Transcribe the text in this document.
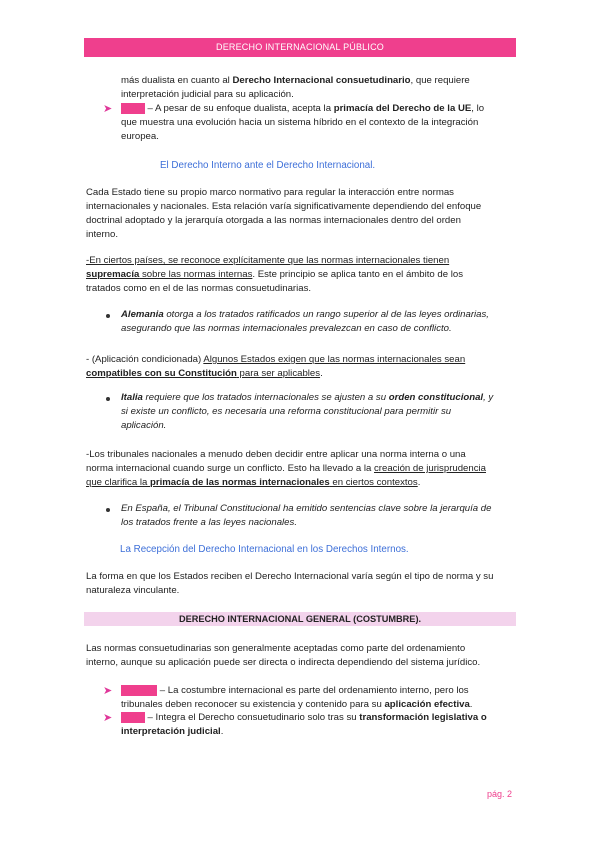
DERECHO INTERNACIONAL PÚBLICO

más dualista en cuanto al Derecho Internacional consuetudinario, que requiere

interpretación judicial para su aplicación.

➤ Italia – A pesar de su enfoque dualista, acepta la primacía del Derecho de la UE, lo

que muestra una evolución hacia un sistema híbrido en el contexto de la integración

europea.

El Derecho Interno ante el Derecho Internacional.

Cada Estado tiene su propio marco normativo para regular la interacción entre normas

internacionales y nacionales. Esta relación varía significativamente dependiendo del enfoque

doctrinal adoptado y la jerarquía otorgada a las normas internacionales dentro del orden

interno.

-En ciertos países, se reconoce explícitamente que las normas internacionales tienen

supremacía sobre las normas internas. Este principio se aplica tanto en el ámbito de los

tratados como en el de las normas consuetudinarias.

Alemania otorga a los tratados ratificados un rango superior al de las leyes ordinarias,

asegurando que las normas internacionales prevalezcan en caso de conflicto.

- (Aplicación condicionada) Algunos Estados exigen que las normas internacionales sean

compatibles con su Constitución para ser aplicables.

Italia requiere que los tratados internacionales se ajusten a su orden constitucional, y

si existe un conflicto, es necesaria una reforma constitucional para permitir su

aplicación.

-Los tribunales nacionales a menudo deben decidir entre aplicar una norma interna o una

norma internacional cuando surge un conflicto. Esto ha llevado a la creación de jurisprudencia

que clarifica la primacía de las normas internacionales en ciertos contextos.

En España, el Tribunal Constitucional ha emitido sentencias clave sobre la jerarquía de

los tratados frente a las leyes nacionales.

La Recepción del Derecho Internacional en los Derechos Internos.

La forma en que los Estados reciben el Derecho Internacional varía según el tipo de norma y su

naturaleza vinculante.

DERECHO INTERNACIONAL GENERAL (COSTUMBRE).

Las normas consuetudinarias son generalmente aceptadas como parte del ordenamiento

interno, aunque su aplicación puede ser directa o indirecta dependiendo del sistema jurídico.

➤ España – La costumbre internacional es parte del ordenamiento interno, pero los

tribunales deben reconocer su existencia y contenido para su aplicación efectiva.

➤ Italia – Integra el Derecho consuetudinario solo tras su transformación legislativa o

interpretación judicial.

pág. 2
